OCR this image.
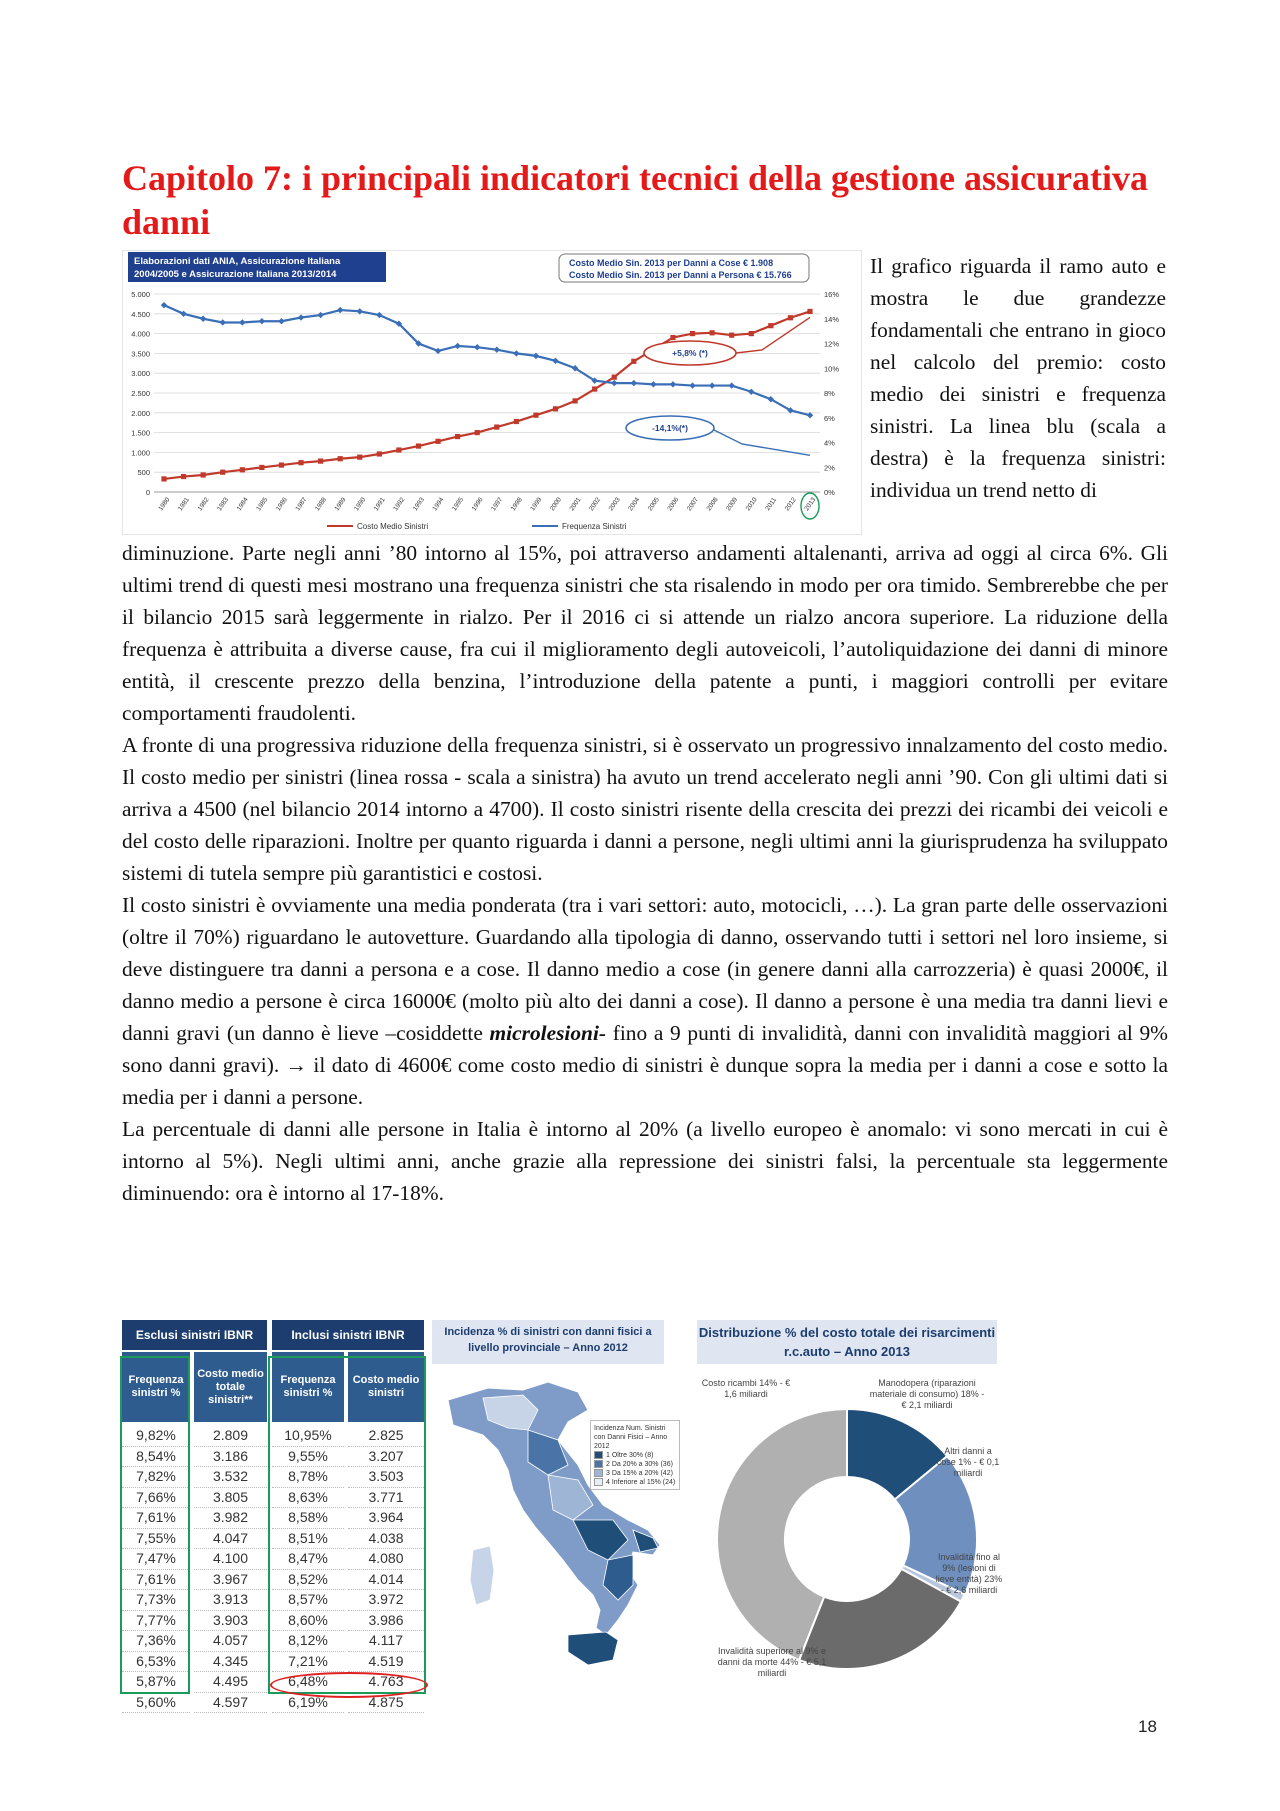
Capitolo 7: i principali indicatori tecnici della gestione assicurativa danni
Elaborazioni dati ANIA, Assicurazione Italiana
2004/2005 e Assicurazione Italiana 2013/2014
Costo Medio Sin. 2013 per Danni a Cose € 1.908
Costo Medio Sin. 2013 per Danni a Persona € 15.766
0
500
1.000
1.500
2.000
2.500
3.000
3.500
4.000
4.500
5.000
0%
2%
4%
6%
8%
10%
12%
14%
16%
1980 1981 1982 1983 1984 1985 1986 1987 1988 1989 1990 1991 1992 1993 1994 1995 1996 1997 1998 1999 2000 2001 2002 2003 2004 2005 2006 2007 2008 2009 2010 2011 2012 2013
+5,8% (*)
-14,1%(*)
Costo Medio Sinistri	Frequenza Sinistri

Il grafico riguarda il ramo auto e mostra le due grandezze fondamentali che entrano in gioco nel calcolo del premio: costo medio dei sinistri e frequenza sinistri. La linea blu (scala a destra) è la frequenza sinistri: individua un trend netto di

diminuzione. Parte negli anni ’80 intorno al 15%, poi attraverso andamenti altalenanti, arriva ad oggi al circa 6%. Gli ultimi trend di questi mesi mostrano una frequenza sinistri che sta risalendo in modo per ora timido. Sembrerebbe che per il bilancio 2015 sarà leggermente in rialzo. Per il 2016 ci si attende un rialzo ancora superiore. La riduzione della frequenza è attribuita a diverse cause, fra cui il miglioramento degli autoveicoli, l’autoliquidazione dei danni di minore entità, il crescente prezzo della benzina, l’introduzione della patente a punti, i maggiori controlli per evitare comportamenti fraudolenti.

A fronte di una progressiva riduzione della frequenza sinistri, si è osservato un progressivo innalzamento del costo medio. Il costo medio per sinistri (linea rossa - scala a sinistra) ha avuto un trend accelerato negli anni ’90. Con gli ultimi dati si arriva a 4500 (nel bilancio 2014 intorno a 4700). Il costo sinistri risente della crescita dei prezzi dei ricambi dei veicoli e del costo delle riparazioni. Inoltre per quanto riguarda i danni a persone, negli ultimi anni la giurisprudenza ha sviluppato sistemi di tutela sempre più garantistici e costosi.

Il costo sinistri è ovviamente una media ponderata (tra i vari settori: auto, motocicli, …). La gran parte delle osservazioni (oltre il 70%) riguardano le autovetture. Guardando alla tipologia di danno, osservando tutti i settori nel loro insieme, si deve distinguere tra danni a persona e a cose. Il danno medio a cose (in genere danni alla carrozzeria) è quasi 2000€, il danno medio a persone è circa 16000€ (molto più alto dei danni a cose). Il danno a persone è una media tra danni lievi e danni gravi (un danno è lieve –cosiddette microlesioni- fino a 9 punti di invalidità, danni con invalidità maggiori al 9% sono danni gravi). → il dato di 4600€ come costo medio di sinistri è dunque sopra la media per i danni a cose e sotto la media per i danni a persone.

La percentuale di danni alle persone in Italia è intorno al 20% (a livello europeo è anomalo: vi sono mercati in cui è intorno al 5%). Negli ultimi anni, anche grazie alla repressione dei sinistri falsi, la percentuale sta leggermente diminuendo: ora è intorno al 17-18%.

Esclusi sinistri IBNR	Inclusi sinistri IBNR
Frequenza sinistri %
Costo medio totale sinistri**
Frequenza sinistri %
Costo medio sinistri
9,82%
8,54%
7,82%
7,66%
7,61%
7,55%
7,47%
7,61%
7,73%
7,77%
7,36%
6,53%
5,87%
5,60%
2.809
3.186
3.532
3.805
3.982
4.047
4.100
3.967
3.913
3.903
4.057
4.345
4.495
4.597
10,95%
9,55%
8,78%
8,63%
8,58%
8,51%
8,47%
8,52%
8,57%
8,60%
8,12%
7,21%
6,48%
6,19%
2.825
3.207
3.503
3.771
3.964
4.038
4.080
4.014
3.972
3.986
4.117
4.519
4.763
4.875
Incidenza % di sinistri con danni fisici a livello provinciale – Anno 2012
Incidenza Num. Sinistri con Danni Fisici – Anno 2012
1 Oltre 30% (8)
2 Da 20% a 30% (36)
3 Da 15% a 20% (42)
4 Inferiore al 15% (24)
Distribuzione % del costo totale dei risarcimenti r.c.auto – Anno 2013
Costo ricambi 14% - € 1,6 miliardi
Manodopera (riparazioni materiale di consumo) 18% - € 2,1 miliardi
Altri danni a cose 1% - € 0,1 miliardi
Invalidità fino al 9% (lesioni di lieve entità) 23% - € 2,6 miliardi
Invalidità superiore al 9% e danni da morte 44% - € 5,1 miliardi
18
